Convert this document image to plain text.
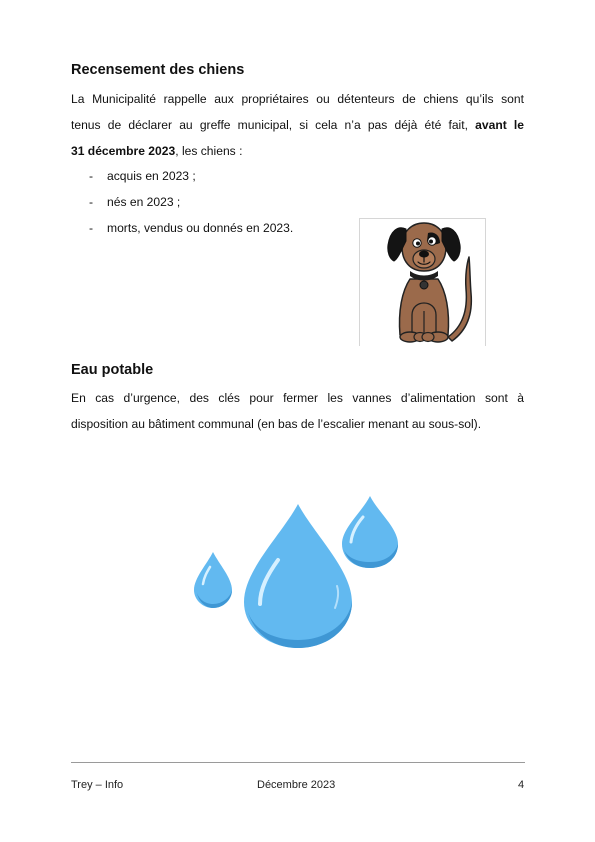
Recensement des chiens
La Municipalité rappelle aux propriétaires ou détenteurs de chiens qu’ils sont
tenus de déclarer au greffe municipal, si cela n’a pas déjà été fait, avant le
31 décembre 2023, les chiens :
- acquis en 2023 ;
- nés en 2023 ;
- morts, vendus ou donnés en 2023.
Eau potable
En cas d’urgence, des clés pour fermer les vannes d’alimentation sont à
disposition au bâtiment communal (en bas de l’escalier menant au sous-sol).
Trey – Info	Décembre 2023	4
